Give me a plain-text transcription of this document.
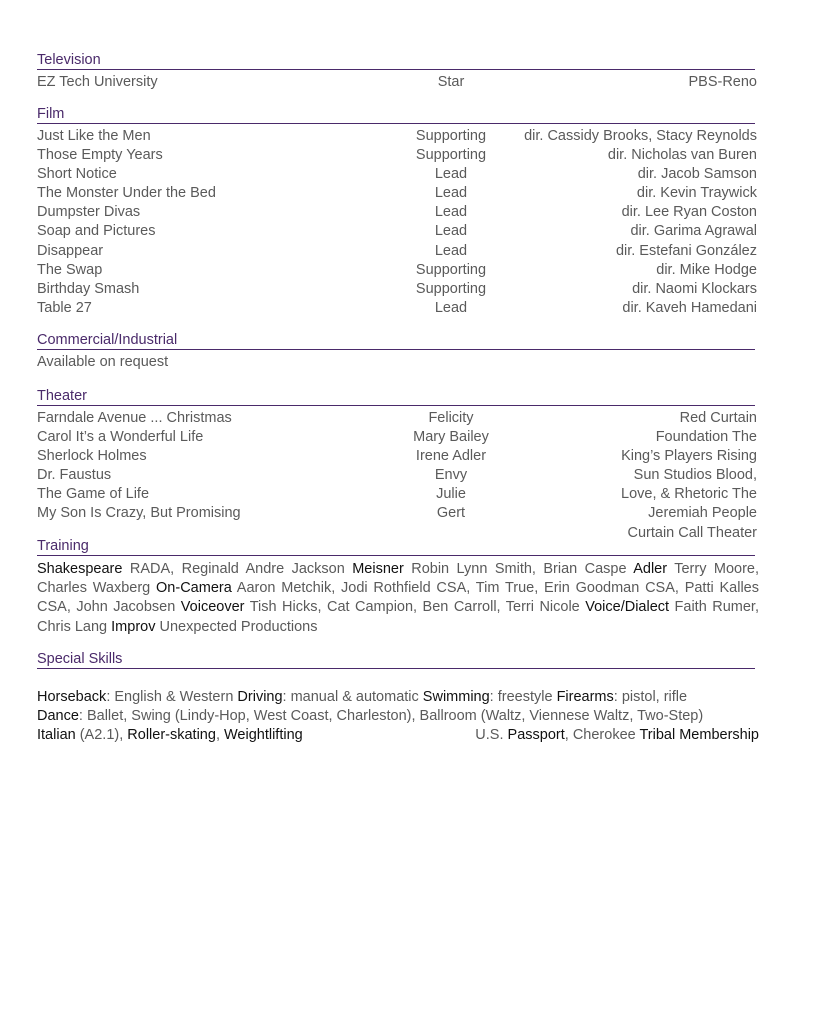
Television
EZ Tech University	Star	PBS-Reno
Film
Just Like the Men	Supporting	dir. Cassidy Brooks, Stacy Reynolds
Those Empty Years	Supporting	dir. Nicholas van Buren
Short Notice	Lead	dir. Jacob Samson
The Monster Under the Bed	Lead	dir. Kevin Traywick
Dumpster Divas	Lead	dir. Lee Ryan Coston
Soap and Pictures	Lead	dir. Garima Agrawal
Disappear	Lead	dir. Estefani González
The Swap	Supporting	dir. Mike Hodge
Birthday Smash	Supporting	dir. Naomi Klockars
Table 27	Lead	dir. Kaveh Hamedani
Commercial/Industrial
Available on request
Theater
Farndale Avenue ... Christmas	Felicity	Red Curtain
Carol It’s a Wonderful Life	Mary Bailey	Foundation The
Sherlock Holmes	Irene Adler	King’s Players Rising
Dr. Faustus	Envy	Sun Studios Blood,
The Game of Life	Julie	Love, & Rhetoric The
My Son Is Crazy, But Promising	Gert	Jeremiah People
Curtain Call Theater
Training
Shakespeare RADA, Reginald Andre Jackson Meisner Robin Lynn Smith, Brian Caspe Adler Terry Moore, Charles Waxberg On-Camera Aaron Metchik, Jodi Rothfield CSA, Tim True, Erin Goodman CSA, Patti Kalles CSA, John Jacobsen Voiceover Tish Hicks, Cat Campion, Ben Carroll, Terri Nicole Voice/Dialect Faith Rumer, Chris Lang Improv Unexpected Productions
Special Skills
Horseback: English & Western Driving: manual & automatic Swimming: freestyle Firearms: pistol, rifle
Dance: Ballet, Swing (Lindy-Hop, West Coast, Charleston), Ballroom (Waltz, Viennese Waltz, Two-Step)
Italian (A2.1), Roller-skating, Weightlifting	U.S. Passport, Cherokee Tribal Membership
